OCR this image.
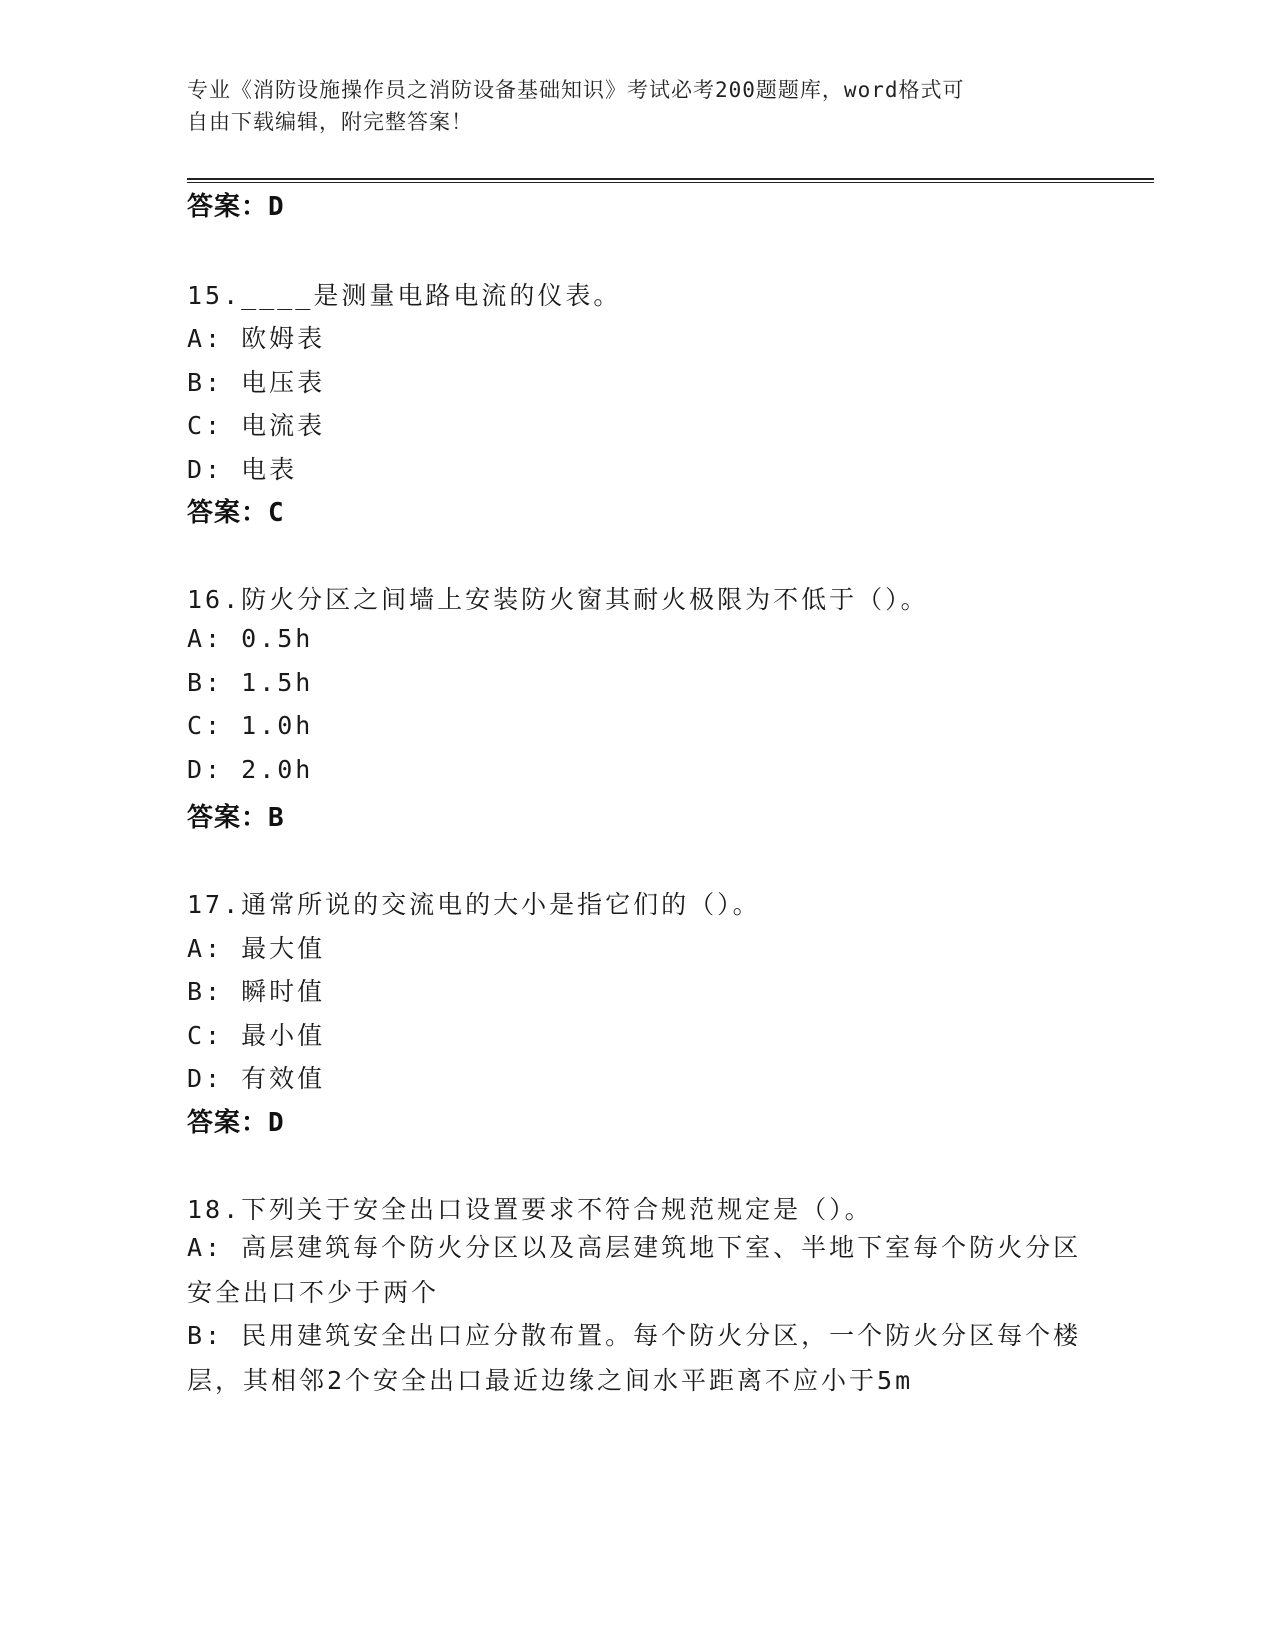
专业《消防设施操作员之消防设备基础知识》考试必考200题题库，word格式可
自由下载编辑，附完整答案！
答案：D
15.____是测量电路电流的仪表。
A: 欧姆表
B: 电压表
C: 电流表
D: 电表
答案：C
16.防火分区之间墙上安装防火窗其耐火极限为不低于（）。
A: 0.5h
B: 1.5h
C: 1.0h
D: 2.0h
答案：B
17.通常所说的交流电的大小是指它们的（）。
A: 最大值
B: 瞬时值
C: 最小值
D: 有效值
答案：D
18.下列关于安全出口设置要求不符合规范规定是（）。
A: 高层建筑每个防火分区以及高层建筑地下室、半地下室每个防火分区安全出口不少于两个
B: 民用建筑安全出口应分散布置。每个防火分区，一个防火分区每个楼层，其相邻2个安全出口最近边缘之间水平距离不应小于5m
